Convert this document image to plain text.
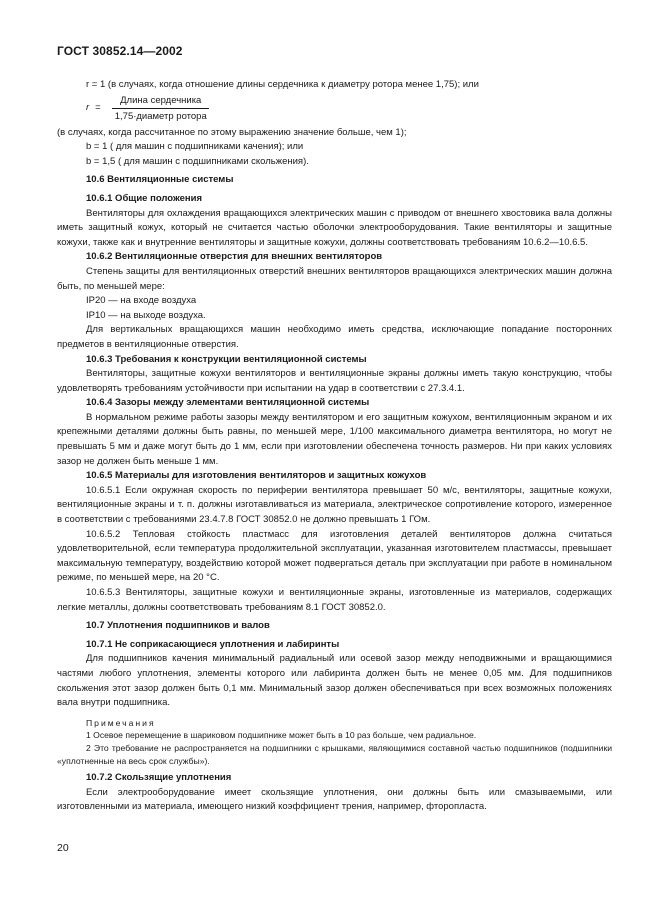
ГОСТ 30852.14—2002

r = 1 (в случаях, когда отношение длины сердечника к диаметру ротора менее 1,75); или

$r = \frac{\text{Длина сердечника}}{\text{1,75·диаметр ротора}}$

(в случаях, когда рассчитанное по этому выражению значение больше, чем 1);

b = 1 ( для машин с подшипниками качения); или

b = 1,5 ( для машин с подшипниками скольжения).

10.6 Вентиляционные системы

10.6.1 Общие положения

Вентиляторы для охлаждения вращающихся электрических машин с приводом от внешнего хвостовика вала должны иметь защитный кожух, который не считается частью оболочки электрооборудования. Такие вентиляторы и защитные кожухи, также как и внутренние вентиляторы и защитные кожухи, должны соответствовать требованиям 10.6.2—10.6.5.

10.6.2 Вентиляционные отверстия для внешних вентиляторов

Степень защиты для вентиляционных отверстий внешних вентиляторов вращающихся электрических машин должна быть, по меньшей мере:

IP20 — на входе воздуха

IP10 — на выходе воздуха.

Для вертикальных вращающихся машин необходимо иметь средства, исключающие попадание посторонних предметов в вентиляционные отверстия.

10.6.3 Требования к конструкции вентиляционной системы

Вентиляторы, защитные кожухи вентиляторов и вентиляционные экраны должны иметь такую конструкцию, чтобы удовлетворять требованиям устойчивости при испытании на удар в соответствии с 27.3.4.1.

10.6.4 Зазоры между элементами вентиляционной системы

В нормальном режиме работы зазоры между вентилятором и его защитным кожухом, вентиляционным экраном и их крепежными деталями должны быть равны, по меньшей мере, 1/100 максимального диаметра вентилятора, но могут не превышать 5 мм и даже могут быть до 1 мм, если при изготовлении обеспечена точность размеров. Ни при каких условиях зазор не должен быть меньше 1 мм.

10.6.5 Материалы для изготовления вентиляторов и защитных кожухов

10.6.5.1 Если окружная скорость по периферии вентилятора превышает 50 м/с, вентиляторы, защитные кожухи, вентиляционные экраны и т. п. должны изготавливаться из материала, электрическое сопротивление которого, измеренное в соответствии с требованиями 23.4.7.8 ГОСТ 30852.0 не должно превышать 1 ГОм.

10.6.5.2 Тепловая стойкость пластмасс для изготовления деталей вентиляторов должна считаться удовлетворительной, если температура продолжительной эксплуатации, указанная изготовителем пластмассы, превышает максимальную температуру, воздействию которой может подвергаться деталь при эксплуатации при работе в номинальном режиме, по меньшей мере, на 20 °С.

10.6.5.3 Вентиляторы, защитные кожухи и вентиляционные экраны, изготовленные из материалов, содержащих легкие металлы, должны соответствовать требованиям 8.1 ГОСТ 30852.0.

10.7 Уплотнения подшипников и валов

10.7.1 Не соприкасающиеся уплотнения и лабиринты

Для подшипников качения минимальный радиальный или осевой зазор между неподвижными и вращающимися частями любого уплотнения, элементы которого или лабиринта должен быть не менее 0,05 мм. Для подшипников скольжения этот зазор должен быть 0,1 мм. Минимальный зазор должен обеспечиваться при всех возможных положениях вала внутри подшипника.

Примечания

1 Осевое перемещение в шариковом подшипнике может быть в 10 раз больше, чем радиальное.

2 Это требование не распространяется на подшипники с крышками, являющимися составной частью подшипников (подшипники «уплотненные на весь срок службы»).

10.7.2 Скользящие уплотнения

Если электрооборудование имеет скользящие уплотнения, они должны быть или смазываемыми, или изготовленными из материала, имеющего низкий коэффициент трения, например, фторопласта.

20
